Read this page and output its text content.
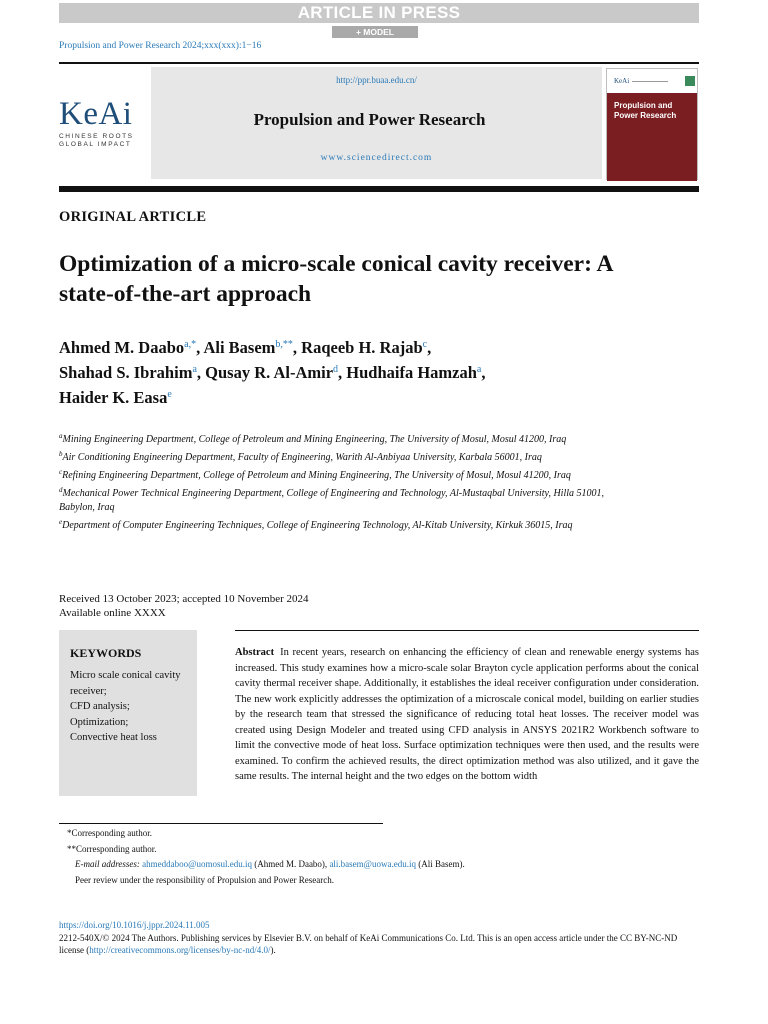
ARTICLE IN PRESS
+ MODEL
Propulsion and Power Research 2024;xxx(xxx):1−16
KeAi
CHINESE ROOTS
GLOBAL IMPACT
http://ppr.buaa.edu.cn/
Propulsion and Power Research
www.sciencedirect.com
KeAi
Propulsion and Power Research
ORIGINAL ARTICLE
Optimization of a micro-scale conical cavity receiver: A state-of-the-art approach
Ahmed M. Daabo$^{a,*}$, Ali Basem$^{b,**}$, Raqeeb H. Rajab$^c$,
Shahad S. Ibrahim$^a$, Qusay R. Al-Amir$^d$, Hudhaifa Hamzah$^a$,
Haider K. Easa$^e$

$^a$Mining Engineering Department, College of Petroleum and Mining Engineering, The University of Mosul, Mosul 41200, Iraq

$^b$Air Conditioning Engineering Department, Faculty of Engineering, Warith Al-Anbiyaa University, Karbala 56001, Iraq

$^c$Refining Engineering Department, College of Petroleum and Mining Engineering, The University of Mosul, Mosul 41200, Iraq

$^d$Mechanical Power Technical Engineering Department, College of Engineering and Technology, Al-Mustaqbal University, Hilla 51001, Babylon, Iraq

$^e$Department of Computer Engineering Techniques, College of Engineering Technology, Al-Kitab University, Kirkuk 36015, Iraq

Received 13 October 2023; accepted 10 November 2024
Available online XXXX
KEYWORDS

Micro scale conical cavity receiver;

CFD analysis;

Optimization;

Convective heat loss

Abstract In recent years, research on enhancing the efficiency of clean and renewable energy systems has increased. This study examines how a micro-scale solar Brayton cycle application performs about the conical cavity thermal receiver shape. Additionally, it establishes the ideal receiver configuration under consideration. The new work explicitly addresses the optimization of a microscale conical model, building on earlier studies by the research team that stressed the significance of reducing total heat losses. The receiver model was created using Design Modeler and treated using CFD analysis in ANSYS 2021R2 Workbench software to limit the convective mode of heat loss. Surface optimization techniques were then used, and the results were examined. To confirm the achieved results, the direct optimization method was also utilized, and it gave the same results. The internal height and the two edges on the bottom width

*Corresponding author.

**Corresponding author.

E-mail addresses: ahmeddaboo@uomosul.edu.iq (Ahmed M. Daabo), ali.basem@uowa.edu.iq (Ali Basem).

Peer review under the responsibility of Propulsion and Power Research.

https://doi.org/10.1016/j.jppr.2024.11.005

2212-540X/© 2024 The Authors. Publishing services by Elsevier B.V. on behalf of KeAi Communications Co. Ltd. This is an open access article under the CC BY-NC-ND license (http://creativecommons.org/licenses/by-nc-nd/4.0/).
